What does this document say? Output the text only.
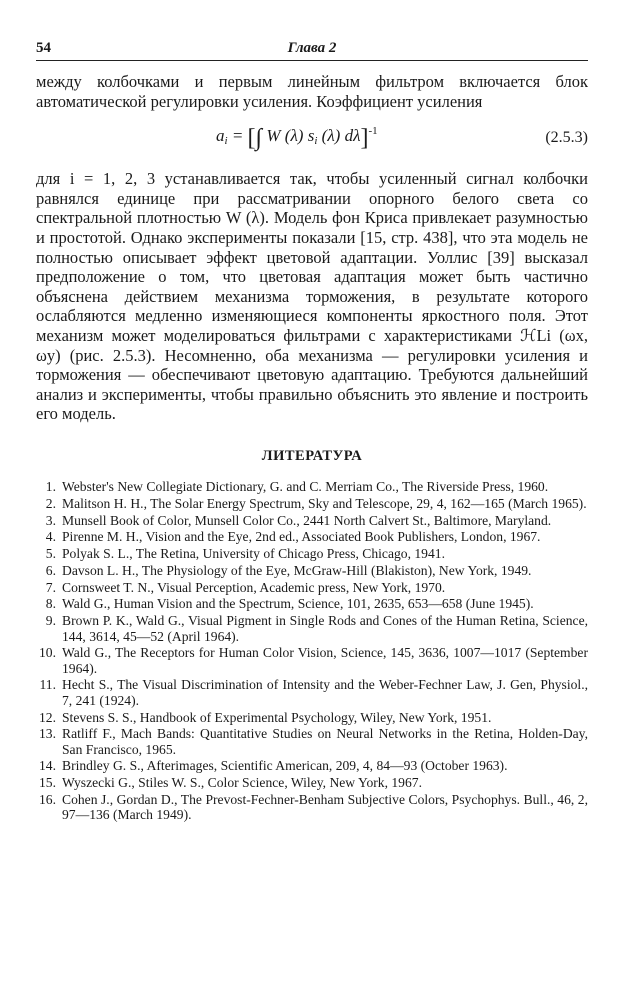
54	Глава 2

между колбочками и первым линейным фильтром включается блок автоматической регулировки усиления. Коэффициент усиления

$a_i$ = [∫ W (λ) $s_i$ (λ) dλ]$^{-1}$	(2.5.3)

для i = 1, 2, 3 устанавливается так, чтобы усиленный сигнал колбочки равнялся единице при рассматривании опорного белого света со спектральной плотностью W (λ). Модель фон Криса привлекает разумностью и простотой. Однако эксперименты показали [15, стр. 438], что эта модель не полностью описывает эффект цветовой адаптации. Уоллис [39] высказал предположение о том, что цветовая адаптация может быть частично объяснена действием механизма торможения, в результате которого ослабляются медленно изменяющиеся компоненты яркостного поля. Этот механизм может моделироваться фильтрами с характеристиками ℋLi (ωx, ωy) (рис. 2.5.3). Несомненно, оба механизма — регулировки усиления и торможения — обеспечивают цветовую адаптацию. Требуются дальнейший анализ и эксперименты, чтобы правильно объяснить это явление и построить его модель.

ЛИТЕРАТУРА
1. Webster's New Collegiate Dictionary, G. and C. Merriam Co., The Riverside Press, 1960.
2. Malitson H. H., The Solar Energy Spectrum, Sky and Telescope, 29, 4, 162—165 (March 1965).
3. Munsell Book of Color, Munsell Color Co., 2441 North Calvert St., Baltimore, Maryland.
4. Pirenne M. H., Vision and the Eye, 2nd ed., Associated Book Publishers, London, 1967.
5. Polyak S. L., The Retina, University of Chicago Press, Chicago, 1941.
6. Davson L. H., The Physiology of the Eye, McGraw-Hill (Blakiston), New York, 1949.
7. Cornsweet T. N., Visual Perception, Academic press, New York, 1970.
8. Wald G., Human Vision and the Spectrum, Science, 101, 2635, 653—658 (June 1945).
9. Brown P. K., Wald G., Visual Pigment in Single Rods and Cones of the Human Retina, Science, 144, 3614, 45—52 (April 1964).
10. Wald G., The Receptors for Human Color Vision, Science, 145, 3636, 1007—1017 (September 1964).
11. Hecht S., The Visual Discrimination of Intensity and the Weber-Fechner Law, J. Gen, Physiol., 7, 241 (1924).
12. Stevens S. S., Handbook of Experimental Psychology, Wiley, New York, 1951.
13. Ratliff F., Mach Bands: Quantitative Studies on Neural Networks in the Retina, Holden-Day, San Francisco, 1965.
14. Brindley G. S., Afterimages, Scientific American, 209, 4, 84—93 (October 1963).
15. Wyszecki G., Stiles W. S., Color Science, Wiley, New York, 1967.
16. Cohen J., Gordan D., The Prevost-Fechner-Benham Subjective Colors, Psychophys. Bull., 46, 2, 97—136 (March 1949).
